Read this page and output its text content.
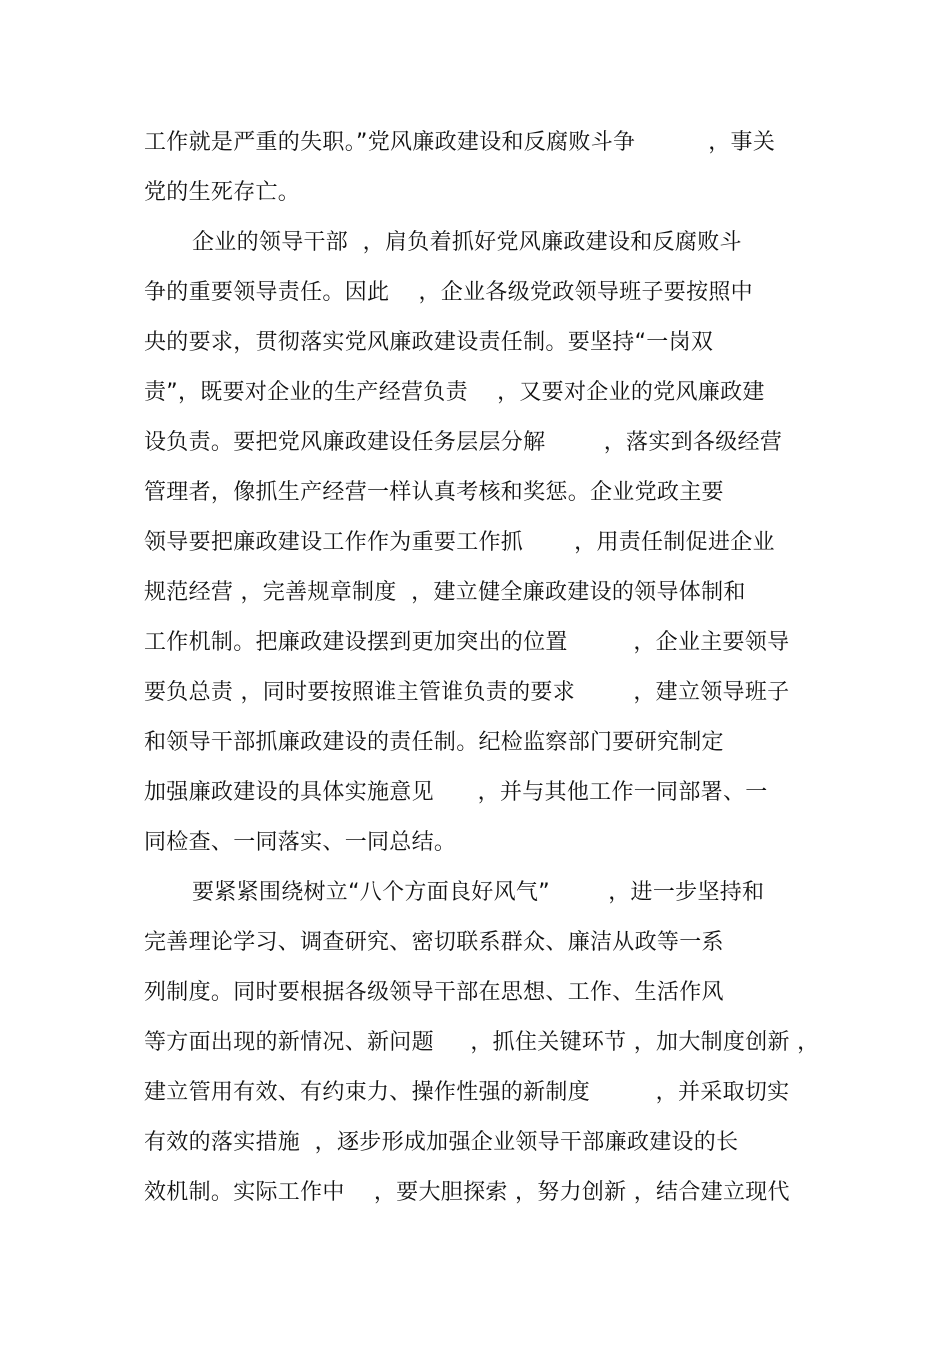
工作就是严重的失职。”党风廉政建设和反腐败斗争          ，事关
党的生死存亡。
企业的领导干部  ，肩负着抓好党风廉政建设和反腐败斗
争的重要领导责任。因此    ，企业各级党政领导班子要按照中
央的要求，贯彻落实党风廉政建设责任制。要坚持“一岗双
责”，既要对企业的生产经营负责    ，又要对企业的党风廉政建
设负责。要把党风廉政建设任务层层分解        ，落实到各级经营
管理者，像抓生产经营一样认真考核和奖惩。企业党政主要
领导要把廉政建设工作作为重要工作抓       ，用责任制促进企业
规范经营 ，完善规章制度  ，建立健全廉政建设的领导体制和
工作机制。把廉政建设摆到更加突出的位置         ，企业主要领导
要负总责 ，同时要按照谁主管谁负责的要求        ，建立领导班子
和领导干部抓廉政建设的责任制。纪检监察部门要研究制定
加强廉政建设的具体实施意见      ，并与其他工作一同部署、一
同检查、一同落实、一同总结。
要紧紧围绕树立“八个方面良好风气”        ，进一步坚持和
完善理论学习、调查研究、密切联系群众、廉洁从政等一系
列制度。同时要根据各级领导干部在思想、工作、生活作风
等方面出现的新情况、新问题     ，抓住关键环节 ，加大制度创新 ，
建立管用有效、有约束力、操作性强的新制度         ，并采取切实
有效的落实措施  ，逐步形成加强企业领导干部廉政建设的长
效机制。实际工作中    ，要大胆探索 ，努力创新 ，结合建立现代
